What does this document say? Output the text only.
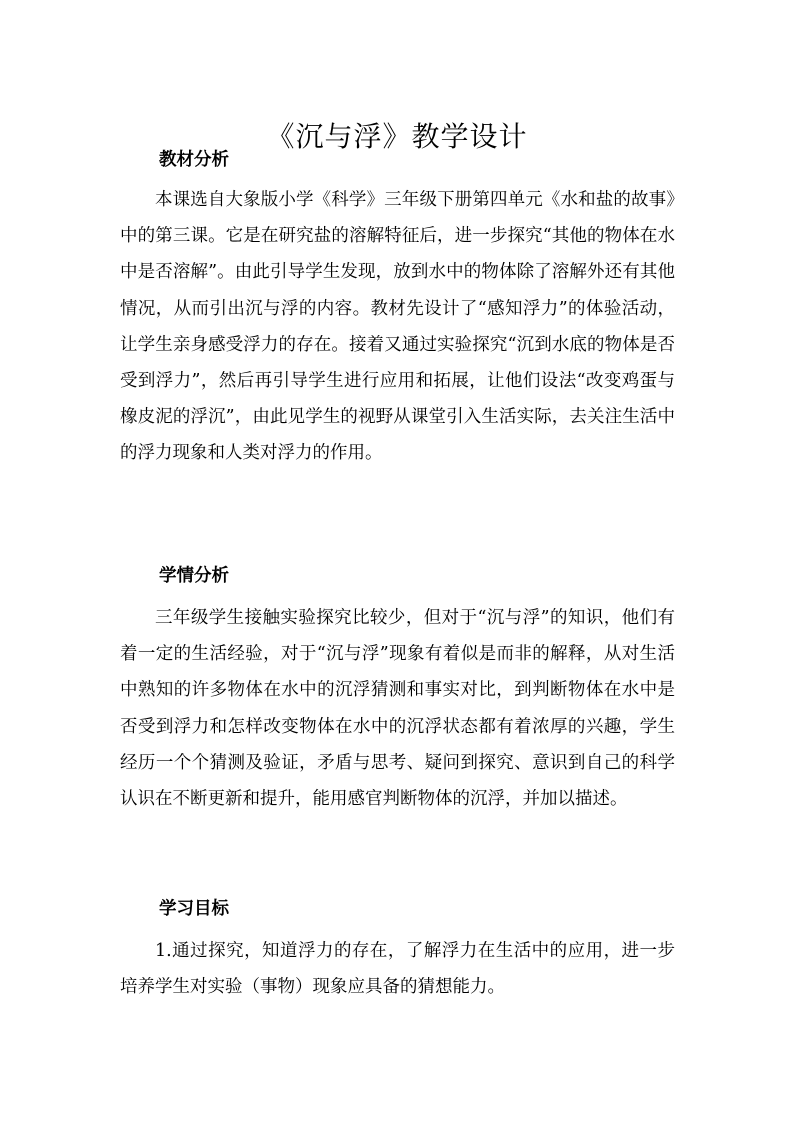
《沉与浮》教学设计
教材分析

本课选自大象版小学《科学》三年级下册第四单元《水和盐的故事》中的第三课。它是在研究盐的溶解特征后，进一步探究“其他的物体在水中是否溶解”。由此引导学生发现，放到水中的物体除了溶解外还有其他情况，从而引出沉与浮的内容。教材先设计了“感知浮力”的体验活动，让学生亲身感受浮力的存在。接着又通过实验探究“沉到水底的物体是否受到浮力”，然后再引导学生进行应用和拓展，让他们设法“改变鸡蛋与橡皮泥的浮沉”，由此见学生的视野从课堂引入生活实际，去关注生活中的浮力现象和人类对浮力的作用。

学情分析

三年级学生接触实验探究比较少，但对于“沉与浮”的知识，他们有着一定的生活经验，对于“沉与浮”现象有着似是而非的解释，从对生活中熟知的许多物体在水中的沉浮猜测和事实对比，到判断物体在水中是否受到浮力和怎样改变物体在水中的沉浮状态都有着浓厚的兴趣，学生经历一个个猜测及验证，矛盾与思考、疑问到探究、意识到自己的科学认识在不断更新和提升，能用感官判断物体的沉浮，并加以描述。

学习目标

1.通过探究，知道浮力的存在，了解浮力在生活中的应用，进一步培养学生对实验（事物）现象应具备的猜想能力。
